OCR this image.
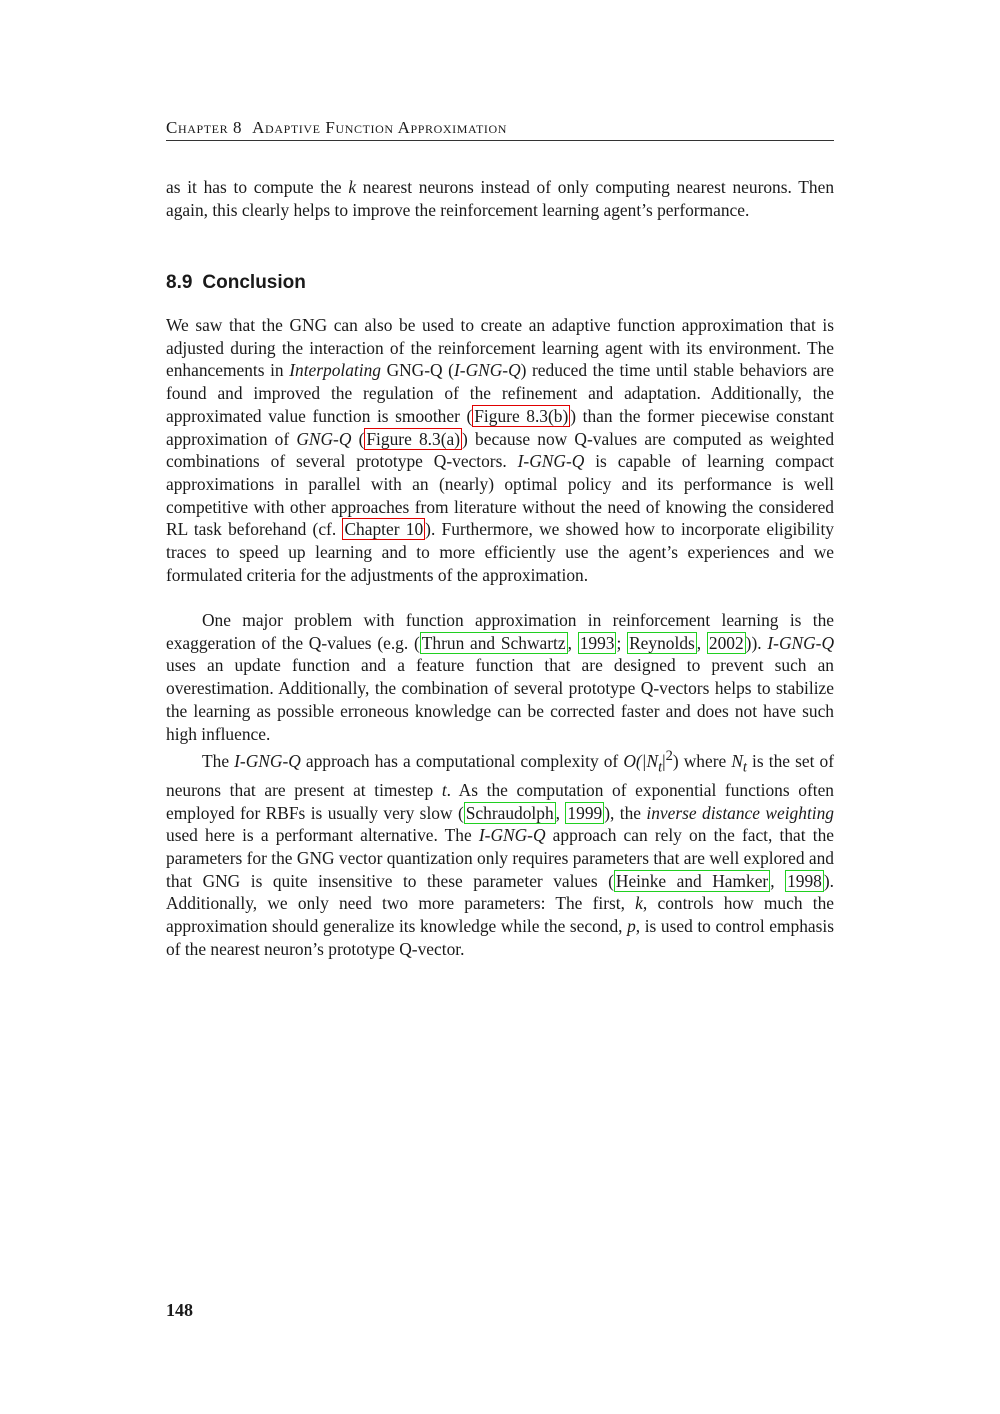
Chapter 8 Adaptive Function Approximation

as it has to compute the k nearest neurons instead of only computing nearest neurons. Then again, this clearly helps to improve the reinforcement learning agent’s performance.

8.9 Conclusion

We saw that the GNG can also be used to create an adaptive function approximation that is adjusted during the interaction of the reinforcement learning agent with its environment. The enhancements in Interpolating GNG-Q (I-GNG-Q) reduced the time until stable behaviors are found and improved the regulation of the refinement and adaptation. Additionally, the approximated value function is smoother ( Figure 8.3(b) ) than the former piecewise constant approximation of GNG-Q ( Figure 8.3(a) ) because now Q-values are computed as weighted combinations of several prototype Q-vectors. I-GNG-Q is capable of learning compact approximations in parallel with an (nearly) optimal policy and its performance is well competitive with other approaches from literature without the need of knowing the considered RL task beforehand (cf. Chapter 10 ). Furthermore, we showed how to incorporate eligibility traces to speed up learning and to more efficiently use the agent’s experiences and we formulated criteria for the adjustments of the approximation.

One major problem with function approximation in reinforcement learning is the exaggeration of the Q-values (e.g. ( Thrun and Schwartz , 1993 ; Reynolds , 2002 )). I-GNG-Q uses an update function and a feature function that are designed to prevent such an overestimation. Additionally, the combination of several prototype Q-vectors helps to stabilize the learning as possible erroneous knowledge can be corrected faster and does not have such high influence.

The I-GNG-Q approach has a computational complexity of $O(|N_t|^2)$ where $N_t$ is the set of neurons that are present at timestep t. As the computation of exponential functions often employed for RBFs is usually very slow ( Schraudolph , 1999 ), the inverse distance weighting used here is a performant alternative. The I-GNG-Q approach can rely on the fact, that the parameters for the GNG vector quantization only requires parameters that are well explored and that GNG is quite insensitive to these parameter values ( Heinke and Hamker , 1998 ). Additionally, we only need two more parameters: The first, k, controls how much the approximation should generalize its knowledge while the second, p, is used to control emphasis of the nearest neuron’s prototype Q-vector.

148
